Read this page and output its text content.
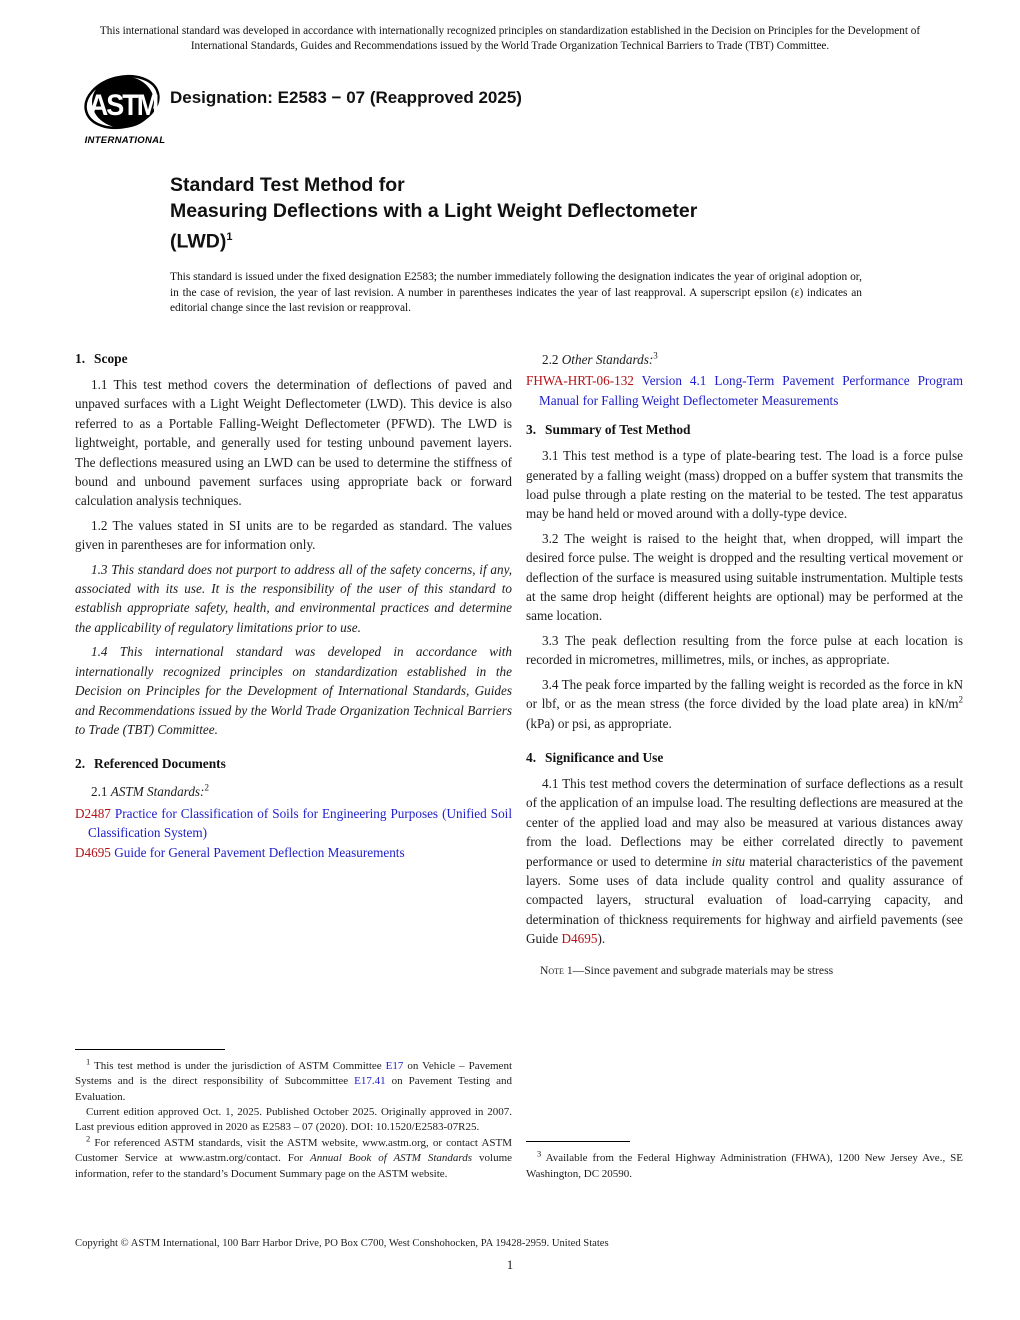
This international standard was developed in accordance with internationally recognized principles on standardization established in the Decision on Principles for the Development of International Standards, Guides and Recommendations issued by the World Trade Organization Technical Barriers to Trade (TBT) Committee.
ASTM
INTERNATIONAL
Designation: E2583 − 07 (Reapproved 2025)
Standard Test Method for
Measuring Deflections with a Light Weight Deflectometer
(LWD)$^1$
This standard is issued under the fixed designation E2583; the number immediately following the designation indicates the year of original adoption or, in the case of revision, the year of last revision. A number in parentheses indicates the year of last reapproval. A superscript epsilon (ε) indicates an editorial change since the last revision or reapproval.
1. Scope

1.1 This test method covers the determination of deflections of paved and unpaved surfaces with a Light Weight Deflectometer (LWD). This device is also referred to as a Portable Falling-Weight Deflectometer (PFWD). The LWD is lightweight, portable, and generally used for testing unbound pavement layers. The deflections measured using an LWD can be used to determine the stiffness of bound and unbound pavement surfaces using appropriate back or forward calculation analysis techniques.

1.2 The values stated in SI units are to be regarded as standard. The values given in parentheses are for information only.

1.3 This standard does not purport to address all of the safety concerns, if any, associated with its use. It is the responsibility of the user of this standard to establish appropriate safety, health, and environmental practices and determine the applicability of regulatory limitations prior to use.

1.4 This international standard was developed in accordance with internationally recognized principles on standardization established in the Decision on Principles for the Development of International Standards, Guides and Recommendations issued by the World Trade Organization Technical Barriers to Trade (TBT) Committee.

2. Referenced Documents

2.1 ASTM Standards:$^2$

D2487 Practice for Classification of Soils for Engineering Purposes (Unified Soil Classification System)

D4695 Guide for General Pavement Deflection Measurements

$^1$ This test method is under the jurisdiction of ASTM Committee E17 on Vehicle – Pavement Systems and is the direct responsibility of Subcommittee E17.41 on Pavement Testing and Evaluation.

Current edition approved Oct. 1, 2025. Published October 2025. Originally approved in 2007. Last previous edition approved in 2020 as E2583 – 07 (2020). DOI: 10.1520/E2583-07R25.

$^2$ For referenced ASTM standards, visit the ASTM website, www.astm.org, or contact ASTM Customer Service at www.astm.org/contact. For Annual Book of ASTM Standards volume information, refer to the standard’s Document Summary page on the ASTM website.

2.2 Other Standards:$^3$

FHWA-HRT-06-132 Version 4.1 Long-Term Pavement Performance Program Manual for Falling Weight Deflectometer Measurements

3. Summary of Test Method

3.1 This test method is a type of plate-bearing test. The load is a force pulse generated by a falling weight (mass) dropped on a buffer system that transmits the load pulse through a plate resting on the material to be tested. The test apparatus may be hand held or moved around with a dolly-type device.

3.2 The weight is raised to the height that, when dropped, will impart the desired force pulse. The weight is dropped and the resulting vertical movement or deflection of the surface is measured using suitable instrumentation. Multiple tests at the same drop height (different heights are optional) may be performed at the same location.

3.3 The peak deflection resulting from the force pulse at each location is recorded in micrometres, millimetres, mils, or inches, as appropriate.

3.4 The peak force imparted by the falling weight is recorded as the force in kN or lbf, or as the mean stress (the force divided by the load plate area) in $kN/m^2$ (kPa) or psi, as appropriate.

4. Significance and Use

4.1 This test method covers the determination of surface deflections as a result of the application of an impulse load. The resulting deflections are measured at the center of the applied load and may also be measured at various distances away from the load. Deflections may be either correlated directly to pavement performance or used to determine in situ material characteristics of the pavement layers. Some uses of data include quality control and quality assurance of compacted layers, structural evaluation of load-carrying capacity, and determination of thickness requirements for highway and airfield pavements (see Guide D4695).

Note 1—Since pavement and subgrade materials may be stress

$^3$ Available from the Federal Highway Administration (FHWA), 1200 New Jersey Ave., SE Washington, DC 20590.

Copyright © ASTM International, 100 Barr Harbor Drive, PO Box C700, West Conshohocken, PA 19428-2959. United States
1
